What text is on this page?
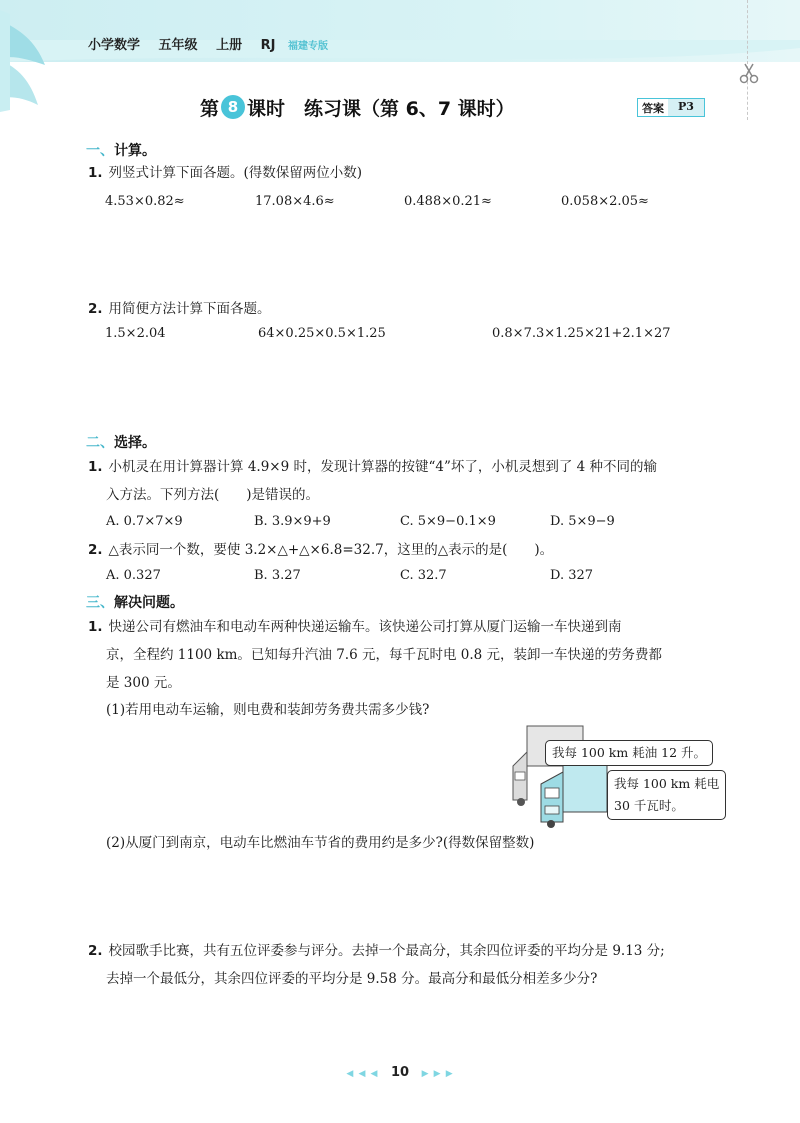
小学数学 五年级 上册 RJ 福建专版
第 8 课时　练习课（第 6、7 课时）	答案	P3
一、计算。
1. 列竖式计算下面各题。(得数保留两位小数)
4.53×0.82≈	17.08×4.6≈	0.488×0.21≈	0.058×2.05≈
2. 用简便方法计算下面各题。
1.5×2.04	64×0.25×0.5×1.25	0.8×7.3×1.25×21+2.1×27
二、选择。
1. 小机灵在用计算器计算 4.9×9 时，发现计算器的按键“4”坏了，小机灵想到了 4 种不同的输
入方法。下列方法(　　)是错误的。
A. 0.7×7×9	B. 3.9×9+9	C. 5×9−0.1×9	D. 5×9−9
2. △表示同一个数，要使 3.2×△+△×6.8=32.7，这里的△表示的是(　　)。
A. 0.327	B. 3.27	C. 32.7	D. 327
三、解决问题。
1. 快递公司有燃油车和电动车两种快递运输车。该快递公司打算从厦门运输一车快递到南
京，全程约 1100 km。已知每升汽油 7.6 元，每千瓦时电 0.8 元，装卸一车快递的劳务费都
是 300 元。
(1)若用电动车运输，则电费和装卸劳务费共需多少钱?
我每 100 km 耗油 12 升。
我每 100 km 耗电
30 千瓦时。
(2)从厦门到南京，电动车比燃油车节省的费用约是多少?(得数保留整数)
2. 校园歌手比赛，共有五位评委参与评分。去掉一个最高分，其余四位评委的平均分是 9.13 分;
去掉一个最低分，其余四位评委的平均分是 9.58 分。最高分和最低分相差多少分?
◀ ◀ ◀ 10 ▶ ▶ ▶
